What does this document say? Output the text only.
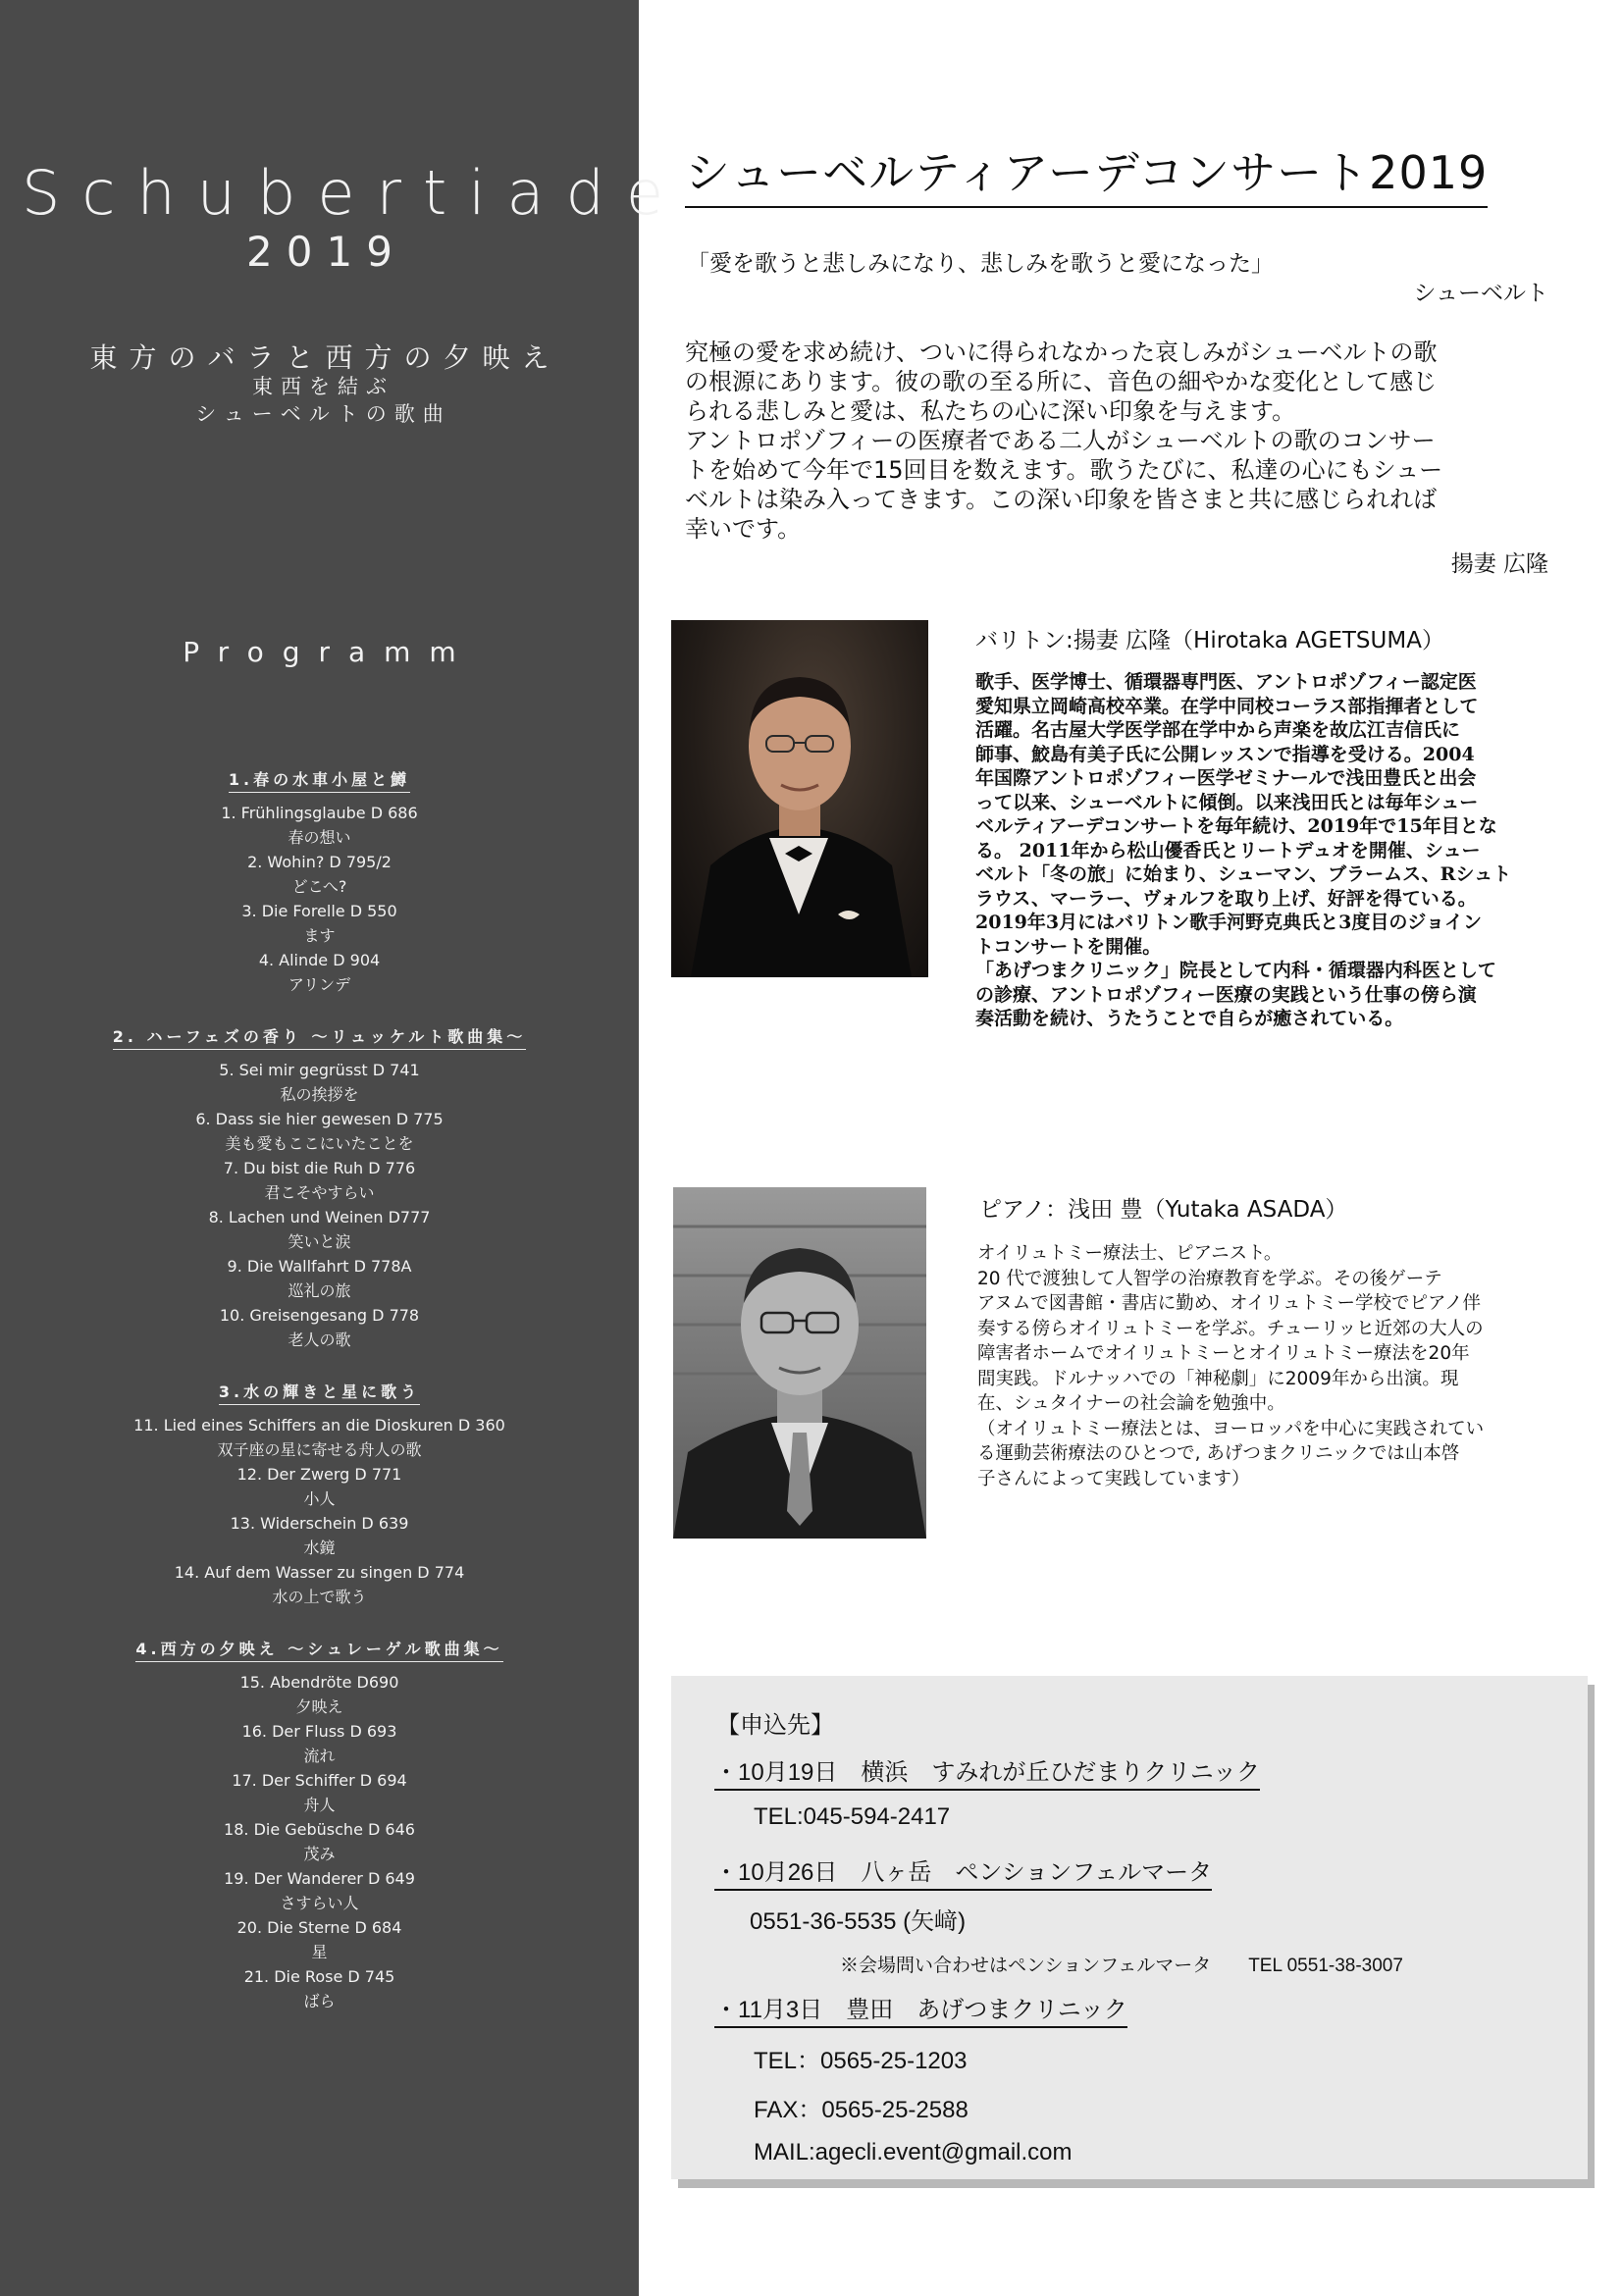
Schubertiade
2019
東方のバラと西方の夕映え
東西を結ぶ
シューベルトの歌曲
Programm
1.春の水車小屋と鱒
1. Frühlingsglaube D 686
春の想い
2. Wohin? D 795/2
どこへ?
3. Die Forelle D 550
ます
4. Alinde D 904
アリンデ
2. ハーフェズの香り 〜リュッケルト歌曲集〜
5. Sei mir gegrüsst D 741
私の挨拶を
6. Dass sie hier gewesen D 775
美も愛もここにいたことを
7. Du bist die Ruh D 776
君こそやすらい
8. Lachen und Weinen D777
笑いと涙
9. Die Wallfahrt D 778A
巡礼の旅
10. Greisengesang D 778
老人の歌
3.水の輝きと星に歌う
11. Lied eines Schiffers an die Dioskuren D 360
双子座の星に寄せる舟人の歌
12. Der Zwerg D 771
小人
13. Widerschein D 639
水鏡
14. Auf dem Wasser zu singen D 774
水の上で歌う
4.西方の夕映え 〜シュレーゲル歌曲集〜
15. Abendröte D690
夕映え
16. Der Fluss D 693
流れ
17. Der Schiffer D 694
舟人
18. Die Gebüsche D 646
茂み
19. Der Wanderer D 649
さすらい人
20. Die Sterne D 684
星
21. Die Rose D 745
ばら
シューベルティアーデコンサート2019
「愛を歌うと悲しみになり、悲しみを歌うと愛になった」
シューベルト
究極の愛を求め続け、ついに得られなかった哀しみがシューベルトの歌
の根源にあります。彼の歌の至る所に、音色の細やかな変化として感じ
られる悲しみと愛は、私たちの心に深い印象を与えます。
アントロポゾフィーの医療者である二人がシューベルトの歌のコンサー
トを始めて今年で15回目を数えます。歌うたびに、私達の心にもシュー
ベルトは染み入ってきます。この深い印象を皆さまと共に感じられれば
幸いです。
揚妻 広隆
バリトン:揚妻 広隆（Hirotaka AGETSUMA）
歌手、医学博士、循環器専門医、アントロポゾフィー認定医
愛知県立岡崎高校卒業。在学中同校コーラス部指揮者として
活躍。名古屋大学医学部在学中から声楽を故広江吉信氏に
師事、鮫島有美子氏に公開レッスンで指導を受ける。2004
年国際アントロポゾフィー医学ゼミナールで浅田豊氏と出会
って以来、シューベルトに傾倒。以来浅田氏とは毎年シュー
ベルティアーデコンサートを毎年続け、2019年で15年目とな
る。 2011年から松山優香氏とリートデュオを開催、シュー
ベルト「冬の旅」に始まり、シューマン、ブラームス、Rシュト
ラウス、マーラー、ヴォルフを取り上げ、好評を得ている。
2019年3月にはバリトン歌手河野克典氏と3度目のジョイン
トコンサートを開催。
「あげつまクリニック」院長として内科・循環器内科医として
の診療、アントロポゾフィー医療の実践という仕事の傍ら演
奏活動を続け、うたうことで自らが癒されている。
ピアノ：浅田 豊（Yutaka ASADA）
オイリュトミー療法士、ピアニスト。
20 代で渡独して人智学の治療教育を学ぶ。その後ゲーテ
アヌムで図書館・書店に勤め、オイリュトミー学校でピアノ伴
奏する傍らオイリュトミーを学ぶ。チューリッヒ近郊の大人の
障害者ホームでオイリュトミーとオイリュトミー療法を20年
間実践。ドルナッハでの「神秘劇」に2009年から出演。現
在、シュタイナーの社会論を勉強中。
（オイリュトミー療法とは、ヨーロッパを中心に実践されてい
る運動芸術療法のひとつで, あげつまクリニックでは山本啓
子さんによって実践しています）
【申込先】
・10月19日　横浜　すみれが丘ひだまりクリニック
TEL:045-594-2417
・10月26日　八ヶ岳　ペンションフェルマータ
0551-36-5535 (矢﨑)
※会場問い合わせはペンションフェルマータ　　TEL 0551-38-3007
・11月3日　豊田　あげつまクリニック
TEL：0565-25-1203
FAX：0565-25-2588
MAIL:agecli.event@gmail.com
